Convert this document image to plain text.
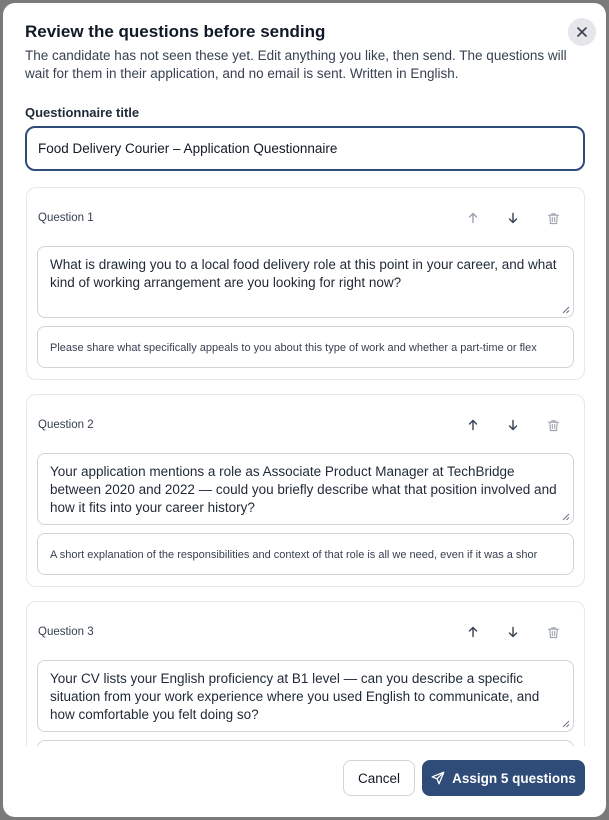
Review the questions before sending

The candidate has not seen these yet. Edit anything you like, then send. The questions will wait for them in their application, and no email is sent. Written in English.

Questionnaire title
Food Delivery Courier – Application Questionnaire
Question 1
What is drawing you to a local food delivery role at this point in your career, and what kind of working arrangement are you looking for right now?
Please share what specifically appeals to you about this type of work and whether a part-time or flex
Question 2
Your application mentions a role as Associate Product Manager at TechBridge between 2020 and 2022 — could you briefly describe what that position involved and how it fits into your career history?
A short explanation of the responsibilities and context of that role is all we need, even if it was a shor
Question 3
Your CV lists your English proficiency at B1 level — can you describe a specific situation from your work experience where you used English to communicate, and how comfortable you felt doing so?
Cancel	Assign 5 questions
